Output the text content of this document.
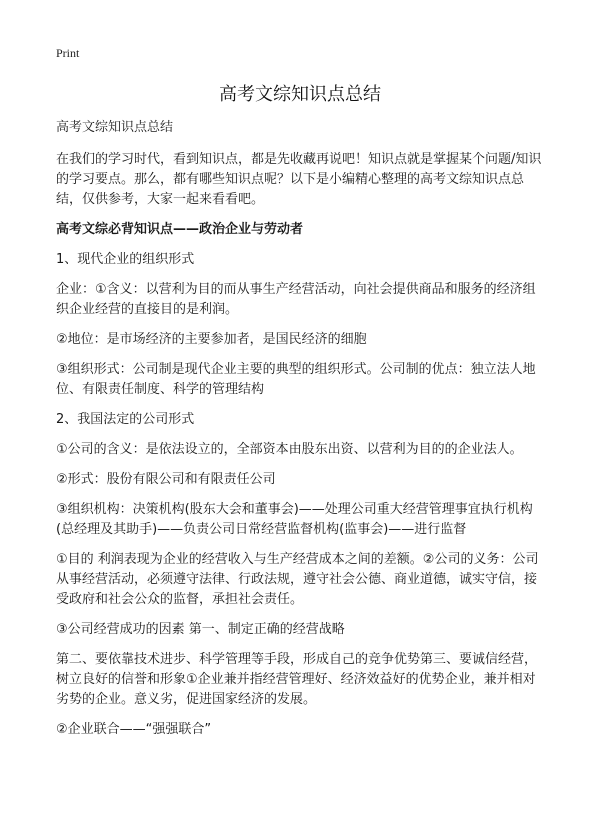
Print
高考文综知识点总结

高考文综知识点总结

在我们的学习时代，看到知识点，都是先收藏再说吧！知识点就是掌握某个问题/知识的学习要点。那么，都有哪些知识点呢？以下是小编精心整理的高考文综知识点总结，仅供参考，大家一起来看看吧。

高考文综必背知识点——政治企业与劳动者

1、现代企业的组织形式

企业：①含义：以营利为目的而从事生产经营活动，向社会提供商品和服务的经济组织企业经营的直接目的是利润。

②地位：是市场经济的主要参加者，是国民经济的细胞

③组织形式：公司制是现代企业主要的典型的组织形式。公司制的优点：独立法人地位、有限责任制度、科学的管理结构

2、我国法定的公司形式

①公司的含义：是依法设立的，全部资本由股东出资、以营利为目的的企业法人。

②形式：股份有限公司和有限责任公司

③组织机构：决策机构(股东大会和董事会)——处理公司重大经营管理事宜执行机构(总经理及其助手)——负责公司日常经营监督机构(监事会)——进行监督

①目的 利润表现为企业的经营收入与生产经营成本之间的差额。②公司的义务：公司从事经营活动，必须遵守法律、行政法规，遵守社会公德、商业道德，诚实守信，接受政府和社会公众的监督，承担社会责任。

③公司经营成功的因素 第一、制定正确的经营战略

第二、要依靠技术进步、科学管理等手段，形成自己的竞争优势第三、要诚信经营，树立良好的信誉和形象①企业兼并指经营管理好、经济效益好的优势企业，兼并相对劣势的企业。意义劣，促进国家经济的发展。

②企业联合——“强强联合”
